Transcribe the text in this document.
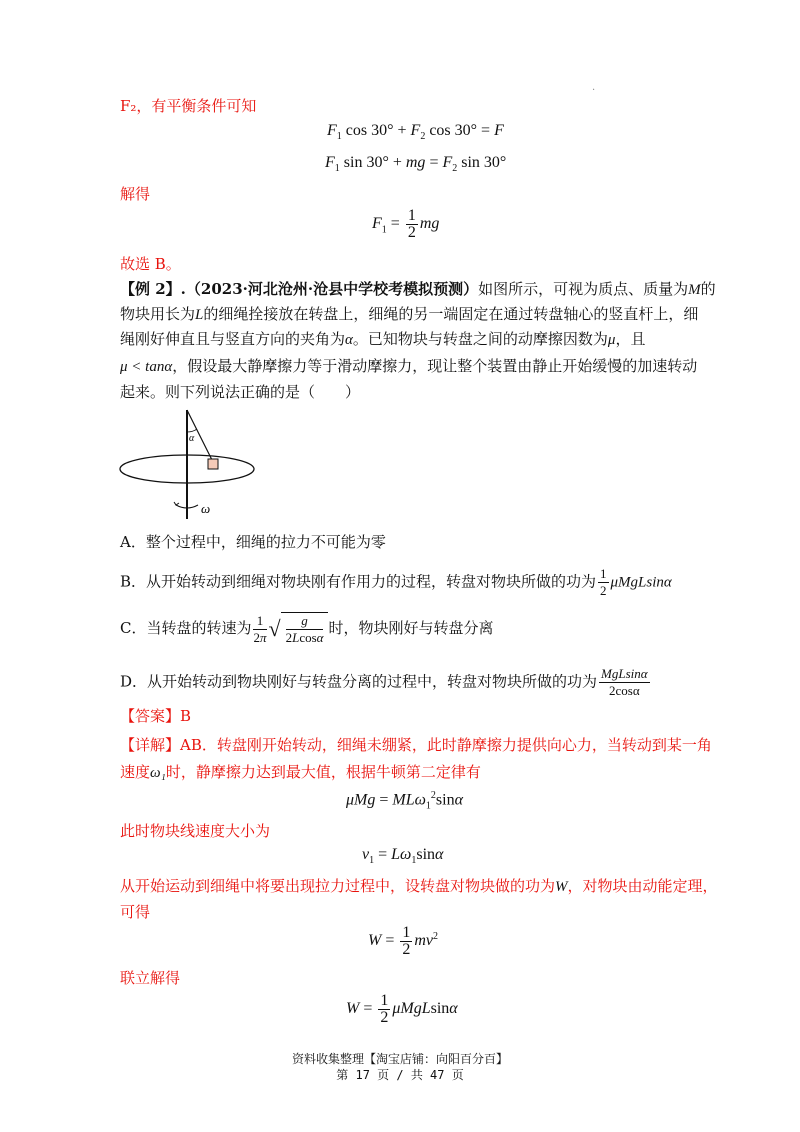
.
F₂，有平衡条件可知
$F_1$ $\cos 30^\circ + F_2$ cos 30° = F
$F_1$ sin 30° + mg = $F_2$ sin 30°
解得
$F_1 = \frac{1}{2}$ mg
故选 B。
【例 2】.（2023·河北沧州·沧县中学校考模拟预测）如图所示，可视为质点、质量为M的
物块用长为L的细绳拴接放在转盘上，细绳的另一端固定在通过转盘轴心的竖直杆上，细
绳刚好伸直且与竖直方向的夹角为α。已知物块与转盘之间的动摩擦因数为μ，且
μ < tanα，假设最大静摩擦力等于滑动摩擦力，现让整个装置由静止开始缓慢的加速转动
起来。则下列说法正确的是（　　）
α
ω
A．整个过程中，细绳的拉力不可能为零
B．从开始转动到细绳对物块刚有作用力的过程，转盘对物块所做的功为 $\frac{1}{2}$ μMgLsinα
C．当转盘的转速为 $\frac{1}{2\pi}$ √ $\frac{g}{2Lcos\alpha}$ 时，物块刚好与转盘分离
D．从开始转动到物块刚好与转盘分离的过程中，转盘对物块所做的功为 $\frac{\text{MgLsinα}}{2\cos\alpha}$
【答案】B
【详解】AB．转盘刚开始转动，细绳未绷紧，此时静摩擦力提供向心力，当转动到某一角
速度ω₁时，静摩擦力达到最大值，根据牛顿第二定律有
μMg = MLω$_1^2$sinα
此时物块线速度大小为
$v_1 = L\omega_1\sin\alpha$
从开始运动到细绳中将要出现拉力过程中，设转盘对物块做的功为W，对物块由动能定理，
可得
$W = \frac{1}{2} mv^2$
联立解得
$W = \frac{1}{2}$ μMgLsinα
资料收集整理【淘宝店铺：向阳百分百】
第 17 页 / 共 47 页
